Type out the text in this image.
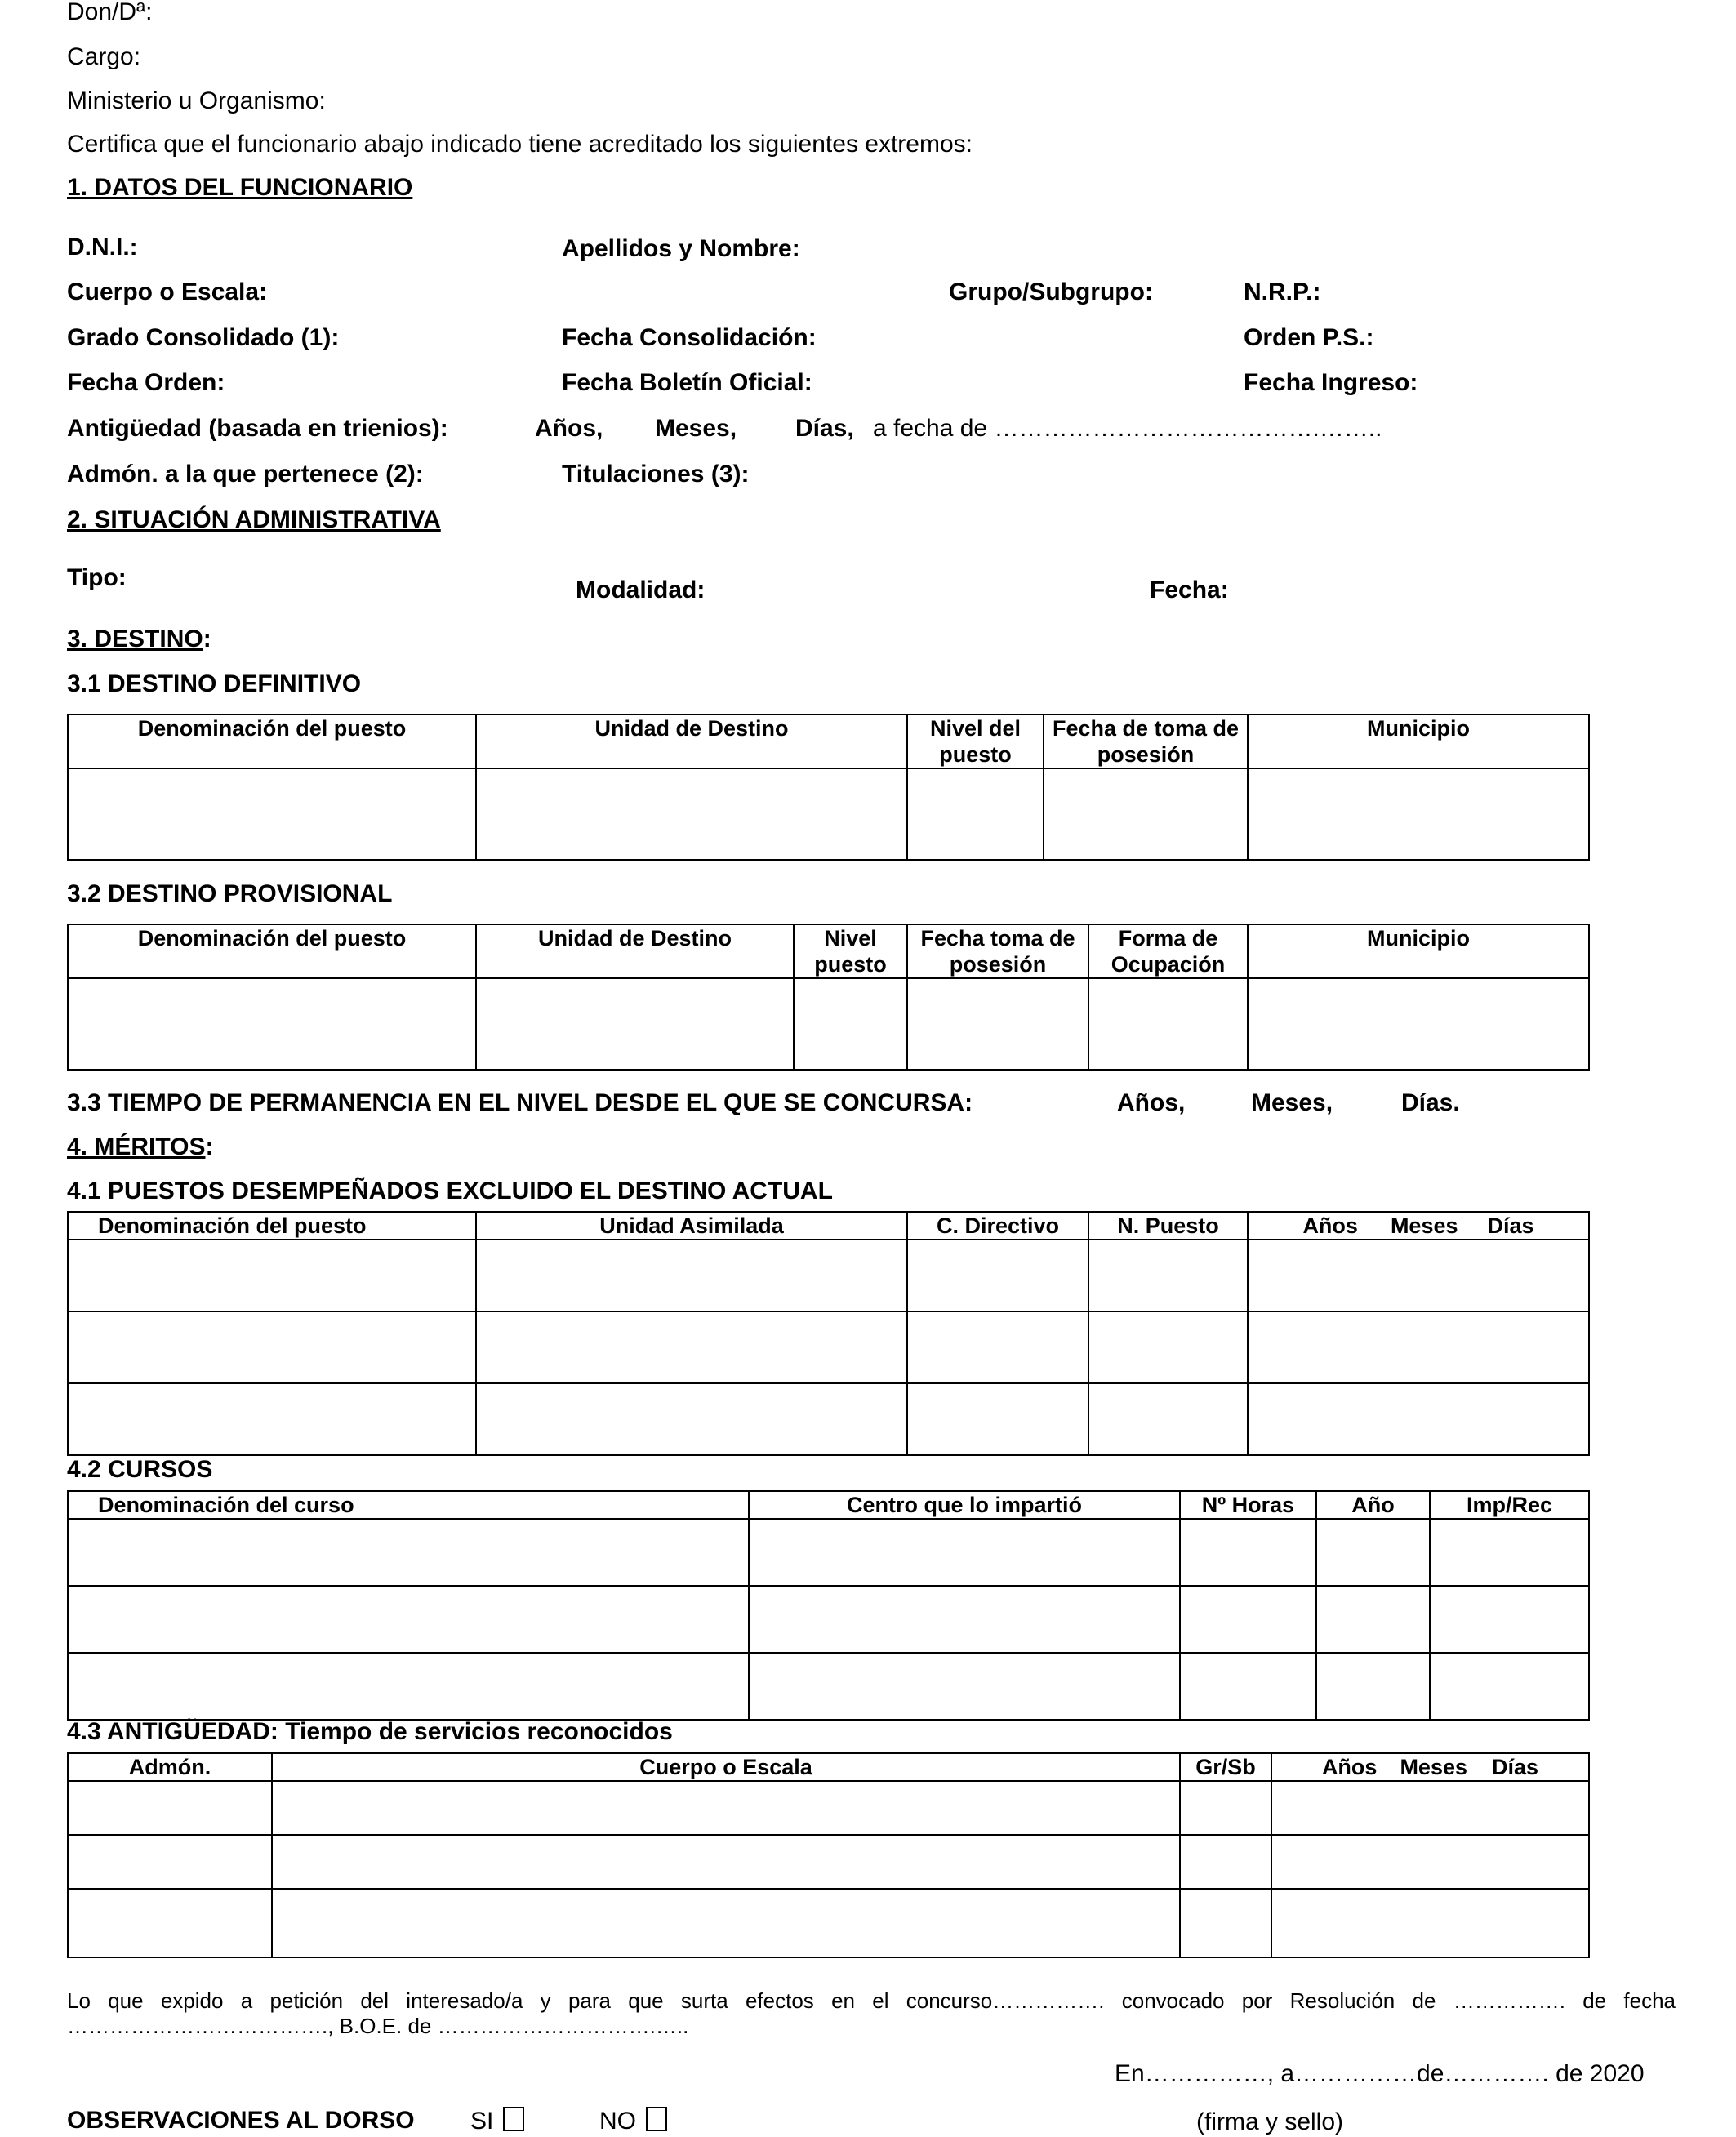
Don/Dª:
Cargo:
Ministerio u Organismo:
Certifica que el funcionario abajo indicado tiene acreditado los siguientes extremos:
1. DATOS DEL FUNCIONARIO
D.N.I.:	Apellidos y Nombre:
Cuerpo o Escala:	Grupo/Subgrupo:	N.R.P.:
Grado Consolidado (1):	Fecha Consolidación:	Orden P.S.:
Fecha Orden:	Fecha Boletín Oficial:	Fecha Ingreso:
Antigüedad (basada en trienios):	Años, Meses, Días, a fecha de ………………………………….……..
Admón. a la que pertenece (2):	Titulaciones (3):
2. SITUACIÓN ADMINISTRATIVA
Tipo:	Modalidad:	Fecha:
3. DESTINO:
3.1 DESTINO DEFINITIVO
Denominación del puesto	Unidad de Destino	Nivel del puesto	Fecha de toma de posesión	Municipio

3.2 DESTINO PROVISIONAL
Denominación del puesto	Unidad de Destino	Nivel puesto	Fecha toma de posesión	Forma de Ocupación	Municipio

3.3 TIEMPO DE PERMANENCIA EN EL NIVEL DESDE EL QUE SE CONCURSA:	Años,	Meses,	Días.
4. MÉRITOS:
4.1 PUESTOS DESEMPEÑADOS EXCLUIDO EL DESTINO ACTUAL
Denominación del puesto	Unidad Asimilada	C. Directivo	N. Puesto	Años Meses Días

4.2 CURSOS
Denominación del curso	Centro que lo impartió	Nº Horas	Año	Imp/Rec

4.3 ANTIGÜEDAD: Tiempo de servicios reconocidos
Admón.	Cuerpo o Escala	Gr/Sb	Años Meses Días

Lo que expido a petición del interesado/a y para que surta efectos en el concurso……………. convocado por Resolución de ……………. de fecha
………………………………., B.O.E. de ………………………….…..
En……………, a……………de…………. de 2020
OBSERVACIONES AL DORSO SI	NO	(firma y sello)
